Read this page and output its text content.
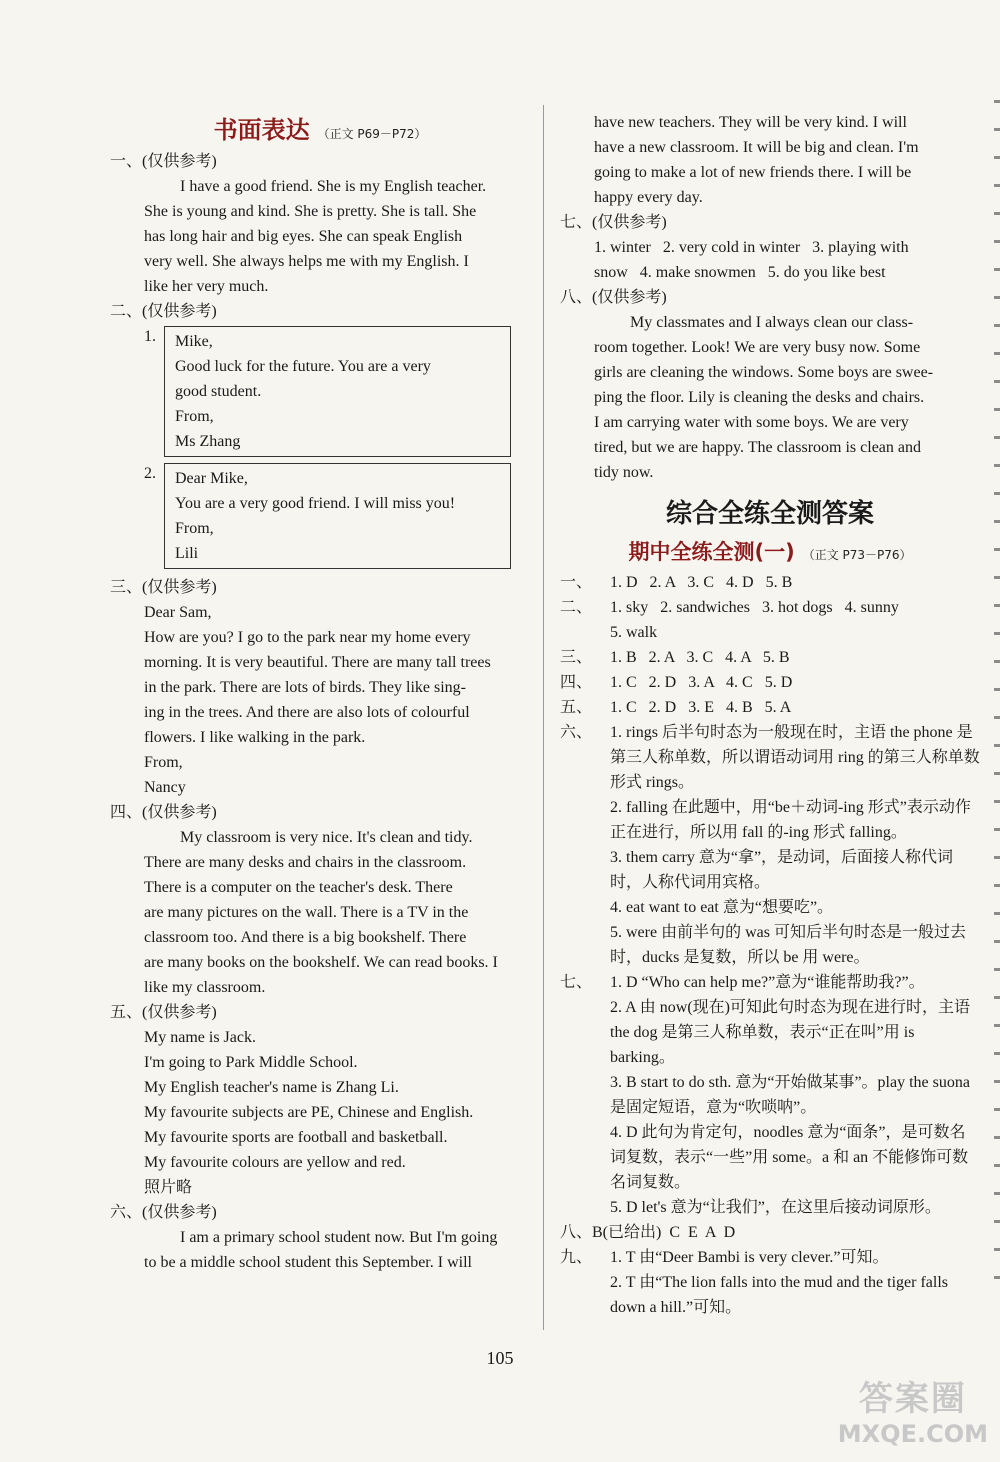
书面表达 （正文 P69－P72）
一、(仅供参考)
I have a good friend. She is my English teacher.
She is young and kind. She is pretty. She is tall. She
has long hair and big eyes. She can speak English
very well. She always helps me with my English. I
like her very much.
二、(仅供参考)
1. Mike,
Good luck for the future. You are a very
good student.
From,
Ms Zhang
2. Dear Mike,
You are a very good friend. I will miss you!
From,
Lili
三、(仅供参考)
Dear Sam,
How are you? I go to the park near my home every
morning. It is very beautiful. There are many tall trees
in the park. There are lots of birds. They like sing-
ing in the trees. And there are also lots of colourful
flowers. I like walking in the park.
From,
Nancy
四、(仅供参考)
My classroom is very nice. It's clean and tidy.
There are many desks and chairs in the classroom.
There is a computer on the teacher's desk. There
are many pictures on the wall. There is a TV in the
classroom too. And there is a big bookshelf. There
are many books on the bookshelf. We can read books. I
like my classroom.
五、(仅供参考)
My name is Jack.
I'm going to Park Middle School.
My English teacher's name is Zhang Li.
My favourite subjects are PE, Chinese and English.
My favourite sports are football and basketball.
My favourite colours are yellow and red.
照片略
六、(仅供参考)
I am a primary school student now. But I'm going
to be a middle school student this September. I will
have new teachers. They will be very kind. I will
have a new classroom. It will be big and clean. I'm
going to make a lot of new friends there. I will be
happy every day.
七、(仅供参考)
1. winter   2. very cold in winter   3. playing with
snow   4. make snowmen   5. do you like best
八、(仅供参考)
My classmates and I always clean our class-
room together. Look! We are very busy now. Some
girls are cleaning the windows. Some boys are swee-
ping the floor. Lily is cleaning the desks and chairs.
I am carrying water with some boys. We are very
tired, but we are happy. The classroom is clean and
tidy now.
综合全练全测答案
期中全练全测(一) （正文 P73－P76）
一、	1. D   2. A   3. C   4. D   5. B
二、	1. sky   2. sandwiches   3. hot dogs   4. sunny
5. walk
三、	1. B   2. A   3. C   4. A   5. B
四、	1. C   2. D   3. A   4. C   5. D
五、	1. C   2. D   3. E   4. B   5. A
六、	1. rings 后半句时态为一般现在时，主语 the phone 是第三人称单数，所以谓语动词用 ring 的第三人称单数形式 rings。
2. falling 在此题中，用“be＋动词-ing 形式”表示动作正在进行，所以用 fall 的-ing 形式 falling。
3. them carry 意为“拿”，是动词，后面接人称代词时，人称代词用宾格。
4. eat want to eat 意为“想要吃”。
5. were 由前半句的 was 可知后半句时态是一般过去时，ducks 是复数，所以 be 用 were。
七、	1. D “Who can help me?”意为“谁能帮助我?”。
2. A 由 now(现在)可知此句时态为现在进行时，主语 the dog 是第三人称单数，表示“正在叫”用 is barking。
3. B start to do sth. 意为“开始做某事”。play the suona 是固定短语，意为“吹唢呐”。
4. D 此句为肯定句，noodles 意为“面条”，是可数名词复数，表示“一些”用 some。a 和 an 不能修饰可数名词复数。
5. D let's 意为“让我们”，在这里后接动词原形。
八、B(已给出)  C  E  A  D
九、	1. T 由“Deer Bambi is very clever.”可知。
2. T 由“The lion falls into the mud and the tiger falls down a hill.”可知。
105
答案圈
MXQE.COM
